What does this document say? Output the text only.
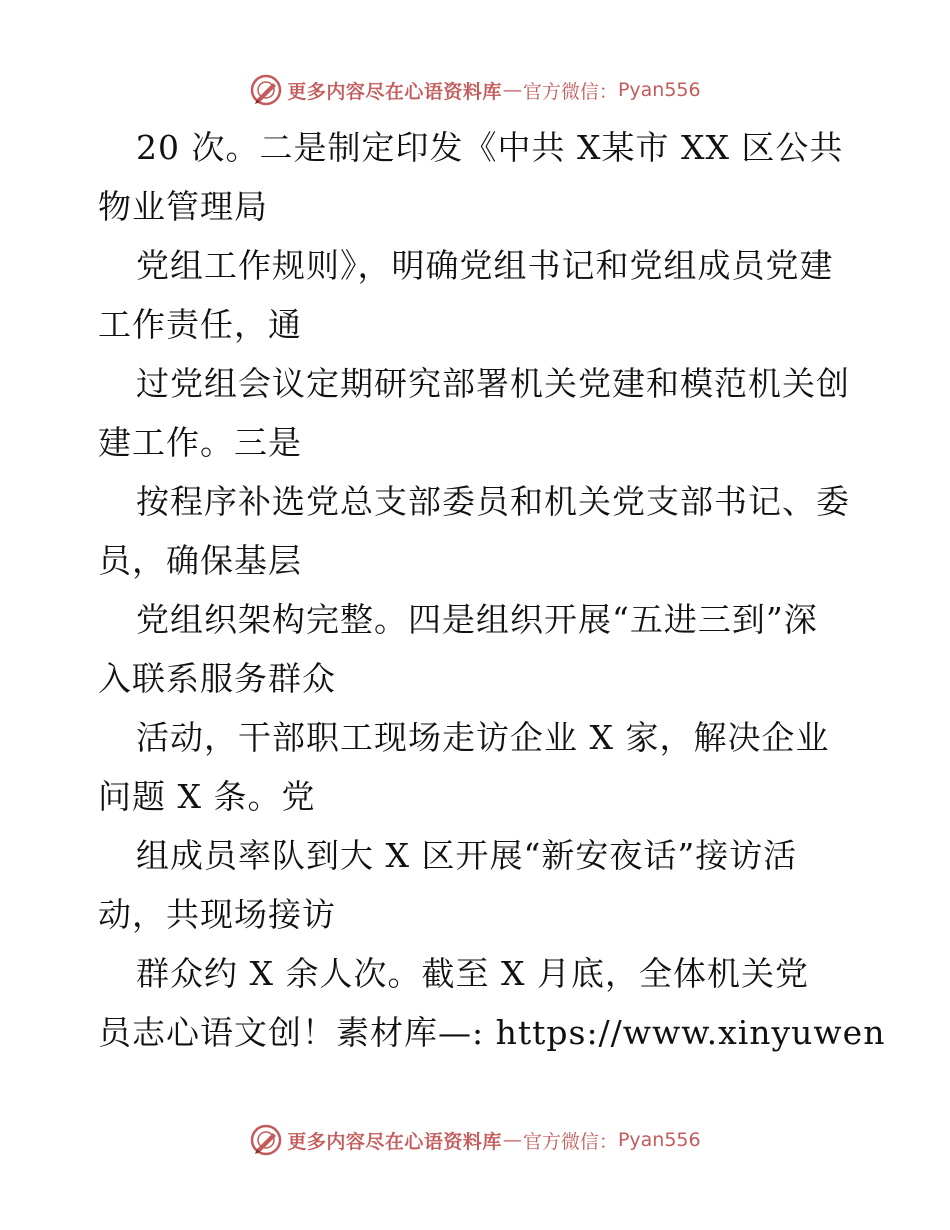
更多内容尽在心语资料库 — 官方微信： Pyan556
20 次。二是制定印发《中共 X某市 XX 区公共
物业管理局
党组工作规则》，明确党组书记和党组成员党建
工作责任，通
过党组会议定期研究部署机关党建和模范机关创
建工作。三是
按程序补选党总支部委员和机关党支部书记、委
员，确保基层
党组织架构完整。四是组织开展“五进三到”深
入联系服务群众
活动，干部职工现场走访企业 X 家，解决企业
问题 X 条。党
组成员率队到大 X 区开展“新安夜话”接访活
动，共现场接访
群众约 X 余人次。截至 X 月底，全体机关党
员志心语文创！素材库—: https://www.xinyuwen
更多内容尽在心语资料库 — 官方微信： Pyan556
